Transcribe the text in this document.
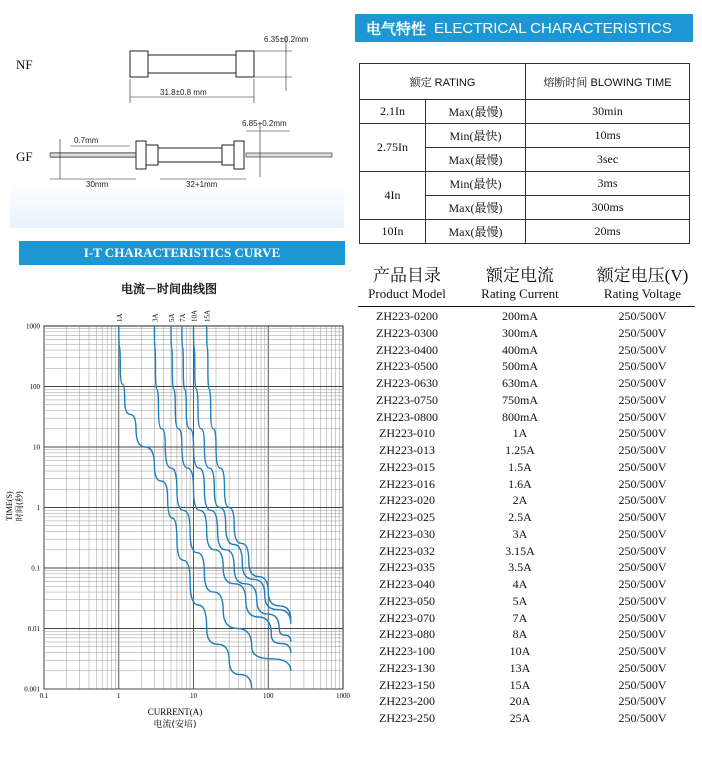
NF
GF
6.35±0.2mm
31.8±0.8 mm
6.85+0.2mm
0.7mm
30mm	32+1mm
电气特性 ELECTRICAL CHARACTERISTICS
额定 RATING		熔断时间 BLOWING TIME
2.1In	Max(最慢)	30min
2.75In	Min(最快)	10ms
	Max(最慢)	3sec
4In	Min(最快)	3ms
	Max(最慢)	300ms
10In	Max(最慢)	20ms
I-T CHARACTERISTICS CURVE
电流－时间曲线图
0.1	1	10	100	1000
1000
100
10
1
0.1
0.01
0.001
1A	3A 5A 7A 10A 15A
CURRENT(A)
电流(安培)
TIME(S) 时间(秒)
产品目录
Product Model
额定电流
Rating Current
额定电压(V)
Rating Voltage
ZH223-0200	200mA	250/500V
ZH223-0300	300mA	250/500V
ZH223-0400	400mA	250/500V
ZH223-0500	500mA	250/500V
ZH223-0630	630mA	250/500V
ZH223-0750	750mA	250/500V
ZH223-0800	800mA	250/500V
ZH223-010	1A	250/500V
ZH223-013	1.25A	250/500V
ZH223-015	1.5A	250/500V
ZH223-016	1.6A	250/500V
ZH223-020	2A	250/500V
ZH223-025	2.5A	250/500V
ZH223-030	3A	250/500V
ZH223-032	3.15A	250/500V
ZH223-035	3.5A	250/500V
ZH223-040	4A	250/500V
ZH223-050	5A	250/500V
ZH223-070	7A	250/500V
ZH223-080	8A	250/500V
ZH223-100	10A	250/500V
ZH223-130	13A	250/500V
ZH223-150	15A	250/500V
ZH223-200	20A	250/500V
ZH223-250	25A	250/500V
